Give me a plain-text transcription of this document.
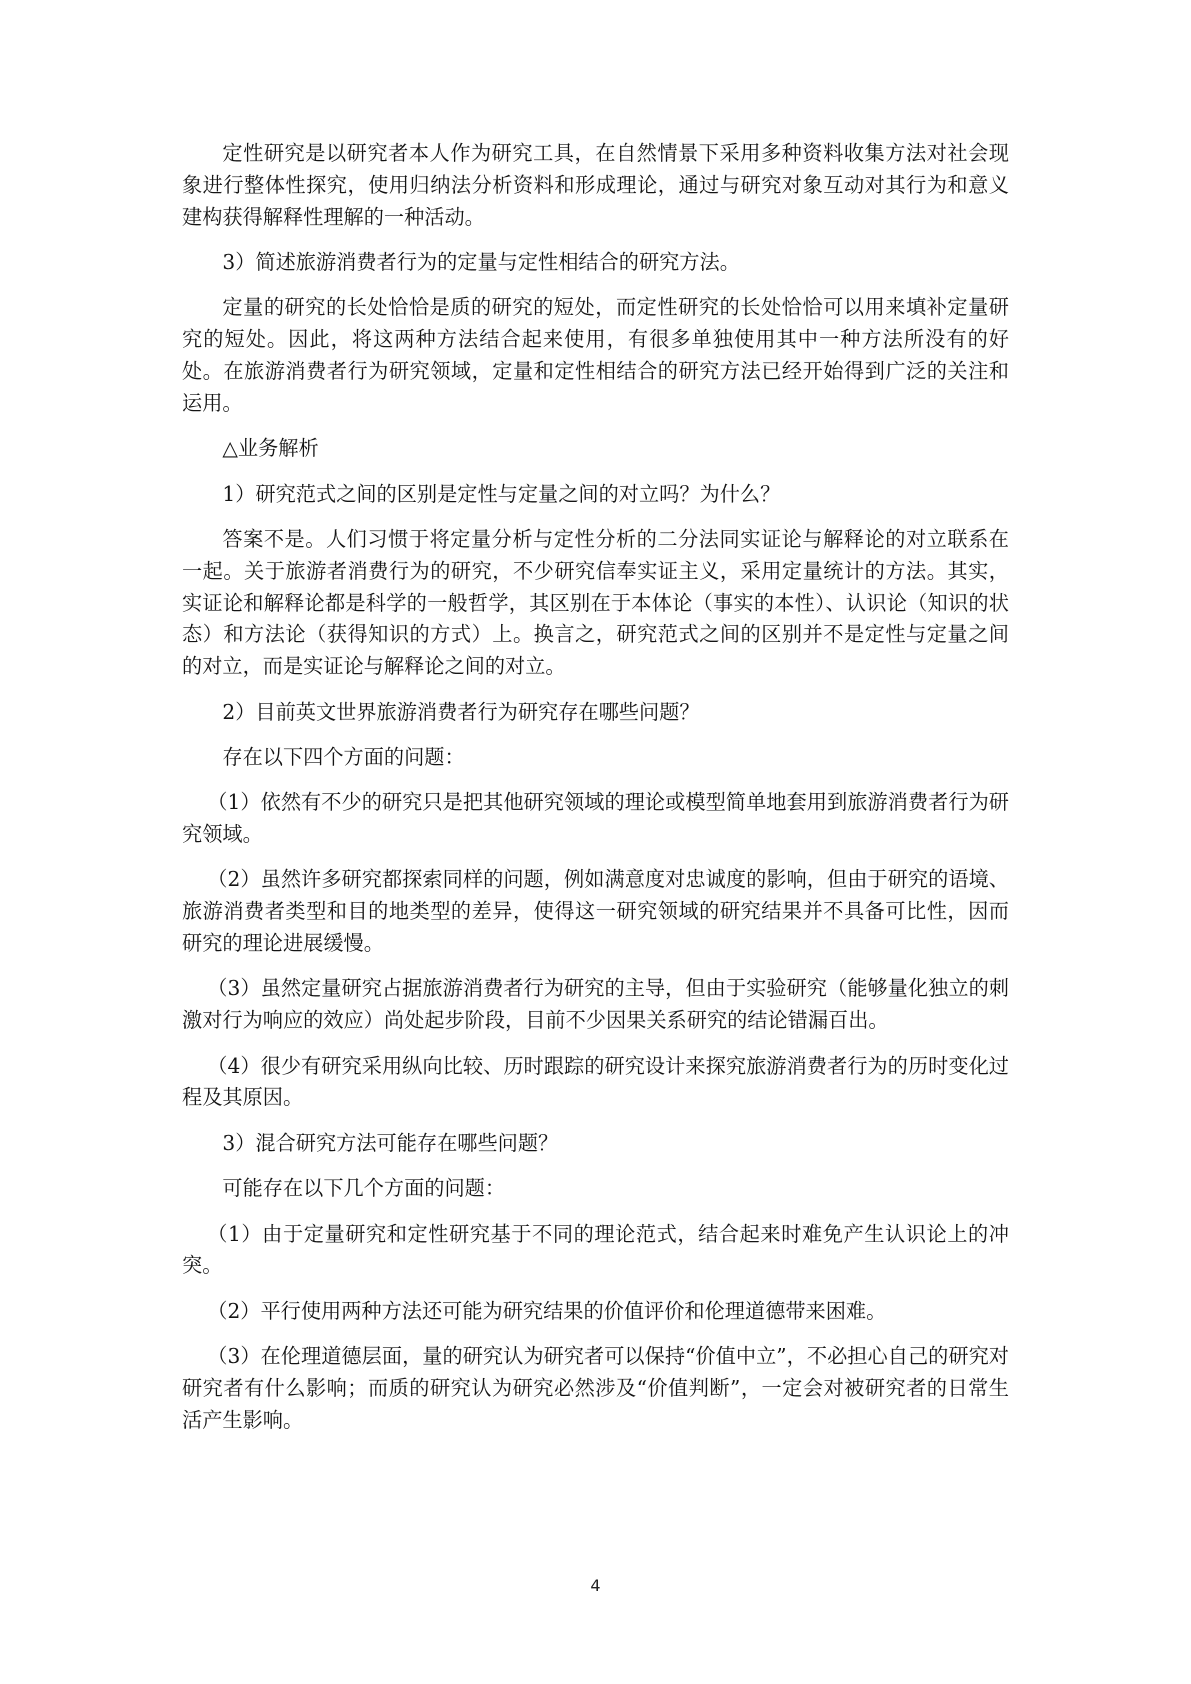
定性研究是以研究者本人作为研究工具，在自然情景下采用多种资料收集方法对社会现象进行整体性探究，使用归纳法分析资料和形成理论，通过与研究对象互动对其行为和意义建构获得解释性理解的一种活动。

3）简述旅游消费者行为的定量与定性相结合的研究方法。

定量的研究的长处恰恰是质的研究的短处，而定性研究的长处恰恰可以用来填补定量研究的短处。因此，将这两种方法结合起来使用，有很多单独使用其中一种方法所没有的好处。在旅游消费者行为研究领域，定量和定性相结合的研究方法已经开始得到广泛的关注和运用。

△业务解析

1）研究范式之间的区别是定性与定量之间的对立吗？为什么？

答案不是。人们习惯于将定量分析与定性分析的二分法同实证论与解释论的对立联系在一起。关于旅游者消费行为的研究，不少研究信奉实证主义，采用定量统计的方法。其实，实证论和解释论都是科学的一般哲学，其区别在于本体论（事实的本性）、认识论（知识的状态）和方法论（获得知识的方式）上。换言之，研究范式之间的区别并不是定性与定量之间的对立，而是实证论与解释论之间的对立。

2）目前英文世界旅游消费者行为研究存在哪些问题？

存在以下四个方面的问题：

（1）依然有不少的研究只是把其他研究领域的理论或模型简单地套用到旅游消费者行为研究领域。

（2）虽然许多研究都探索同样的问题，例如满意度对忠诚度的影响，但由于研究的语境、旅游消费者类型和目的地类型的差异，使得这一研究领域的研究结果并不具备可比性，因而研究的理论进展缓慢。

（3）虽然定量研究占据旅游消费者行为研究的主导，但由于实验研究（能够量化独立的刺激对行为响应的效应）尚处起步阶段，目前不少因果关系研究的结论错漏百出。

（4）很少有研究采用纵向比较、历时跟踪的研究设计来探究旅游消费者行为的历时变化过程及其原因。

3）混合研究方法可能存在哪些问题？

可能存在以下几个方面的问题：

（1）由于定量研究和定性研究基于不同的理论范式，结合起来时难免产生认识论上的冲突。

（2）平行使用两种方法还可能为研究结果的价值评价和伦理道德带来困难。

（3）在伦理道德层面，量的研究认为研究者可以保持“价值中立”，不必担心自己的研究对研究者有什么影响；而质的研究认为研究必然涉及“价值判断”，一定会对被研究者的日常生活产生影响。

4
